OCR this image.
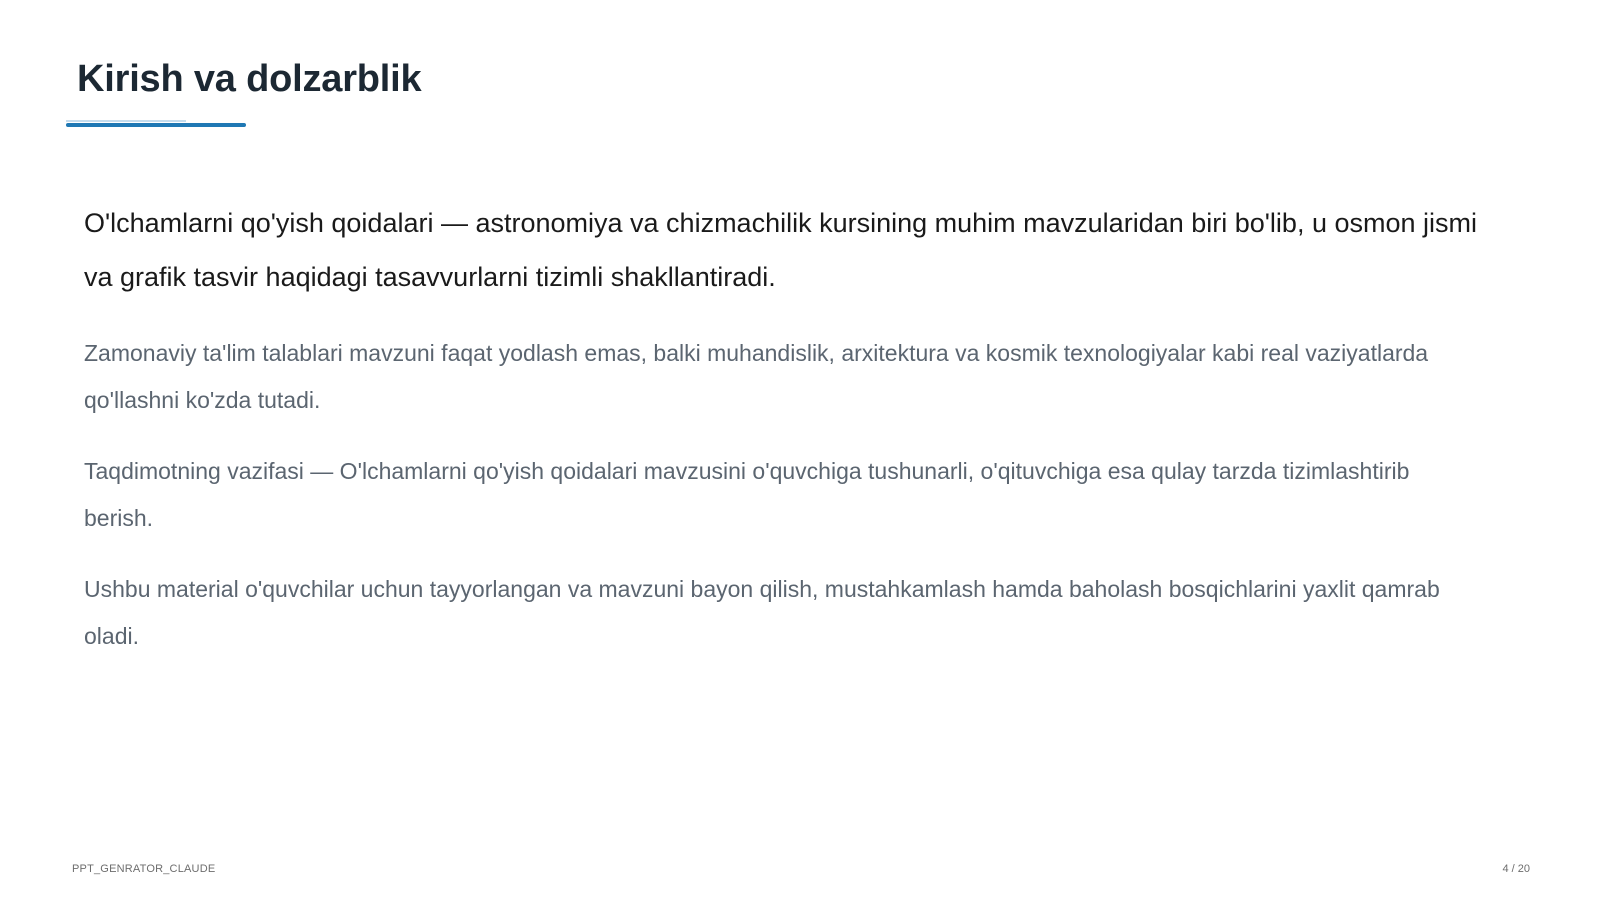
Kirish va dolzarblik

O'lchamlarni qo'yish qoidalari — astronomiya va chizmachilik kursining muhim mavzularidan biri bo'lib, u osmon jismi va grafik tasvir haqidagi tasavvurlarni tizimli shakllantiradi.

Zamonaviy ta'lim talablari mavzuni faqat yodlash emas, balki muhandislik, arxitektura va kosmik texnologiyalar kabi real vaziyatlarda qo'llashni ko'zda tutadi.

Taqdimotning vazifasi — O'lchamlarni qo'yish qoidalari mavzusini o'quvchiga tushunarli, o'qituvchiga esa qulay tarzda tizimlashtirib berish.

Ushbu material o'quvchilar uchun tayyorlangan va mavzuni bayon qilish, mustahkamlash hamda baholash bosqichlarini yaxlit qamrab oladi.

PPT_GENRATOR_CLAUDE	4 / 20
